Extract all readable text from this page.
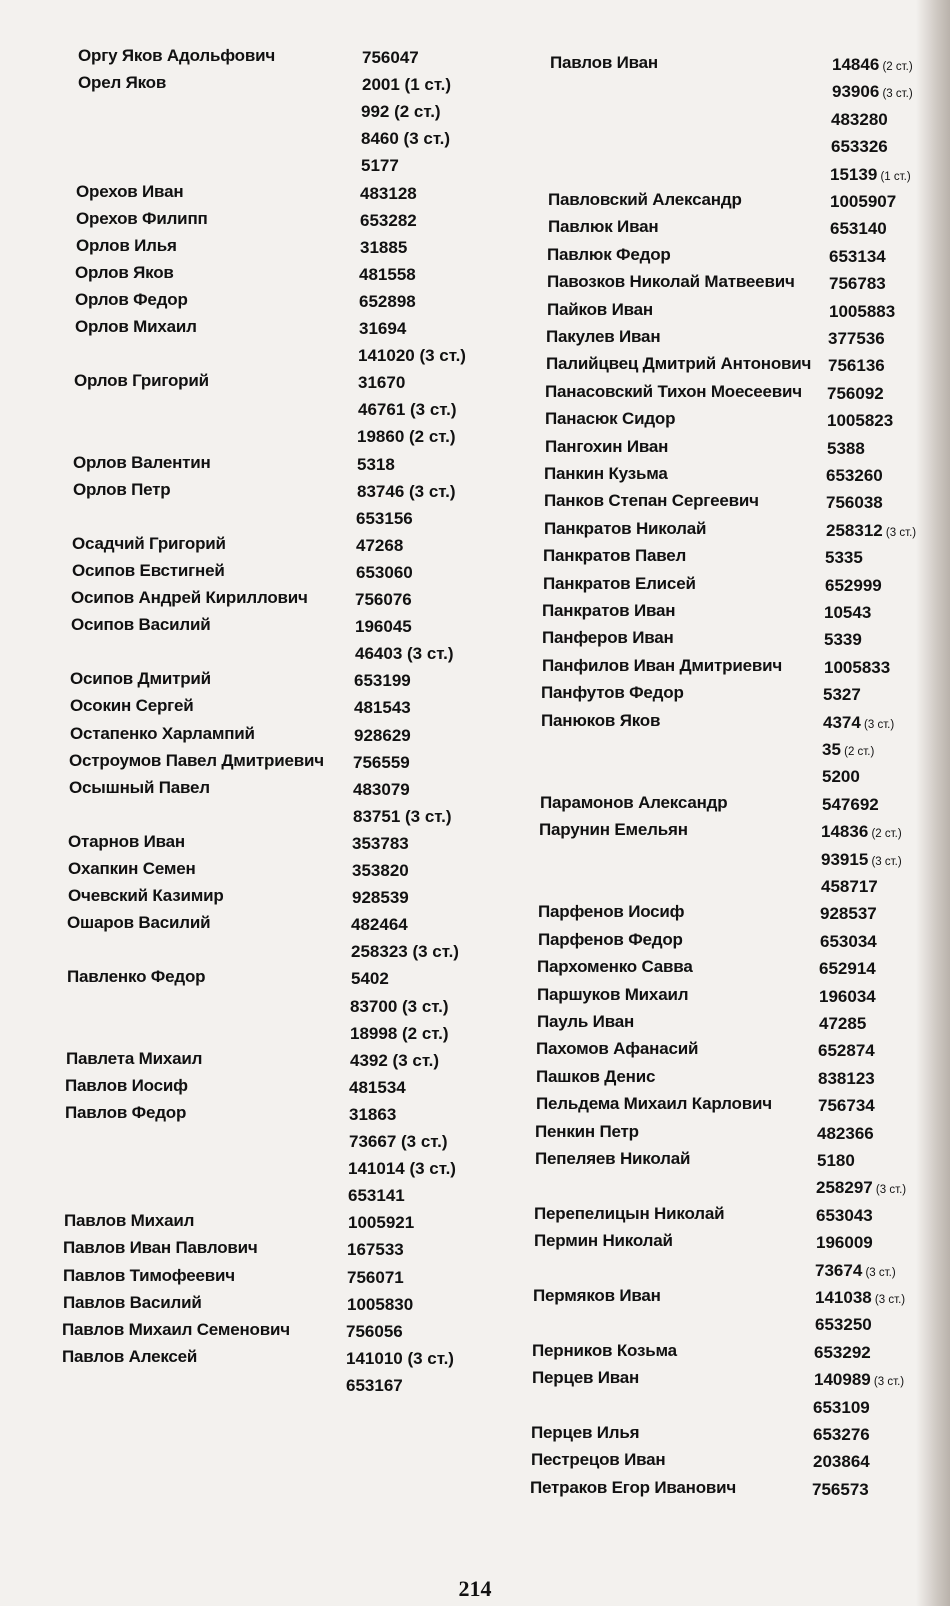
Оргу Яков Адольфович	756047
Орел Яков	2001 (1 ст.)
992 (2 ст.)
8460 (3 ст.)
5177
Орехов Иван	483128
Орехов Филипп	653282
Орлов Илья	31885
Орлов Яков	481558
Орлов Федор	652898
Орлов Михаил	31694
141020 (3 ст.)
Орлов Григорий	31670
46761 (3 ст.)
19860 (2 ст.)
Орлов Валентин	5318
Орлов Петр	83746 (3 ст.)
653156
Осадчий Григорий	47268
Осипов Евстигней	653060
Осипов Андрей Кириллович	756076
Осипов Василий	196045
46403 (3 ст.)
Осипов Дмитрий	653199
Осокин Сергей	481543
Остапенко Харлампий	928629
Остроумов Павел Дмитриевич 756559
Осышный Павел	483079
83751 (3 ст.)
Отарнов Иван	353783
Охапкин Семен	353820
Очевский Казимир	928539
Ошаров Василий	482464
258323 (3 ст.)
Павленко Федор	5402
83700 (3 ст.)
18998 (2 ст.)
Павлета Михаил	4392 (3 ст.)
Павлов Иосиф	481534
Павлов Федор	31863
73667 (3 ст.)
141014 (3 ст.)
653141
Павлов Михаил	1005921
Павлов Иван Павлович	167533
Павлов Тимофеевич	756071
Павлов Василий	1005830
Павлов Михаил Семенович	756056
Павлов Алексей	141010 (3 ст.)
653167
Павлов Иван	14846 (2 ст.)
93906 (3 ст.)
483280
653326
15139 (1 ст.)
Павловский Александр	1005907
Павлюк Иван	653140
Павлюк Федор	653134
Павозков Николай Матвеевич 756783
Пайков Иван	1005883
Пакулев Иван	377536
Палийцвец Дмитрий Антонович 756136
Панасовский Тихон Моесеевич 756092
Панасюк Сидор	1005823
Пангохин Иван	5388
Панкин Кузьма	653260
Панков Степан Сергеевич	756038
Панкратов Николай	258312 (3 ст.)
Панкратов Павел	5335
Панкратов Елисей	652999
Панкратов Иван	10543
Панферов Иван	5339
Панфилов Иван Дмитриевич 1005833
Панфутов Федор	5327
Панюков Яков	4374 (3 ст.)
35 (2 ст.)
5200
Парамонов Александр	547692
Парунин Емельян	14836 (2 ст.)
93915 (3 ст.)
458717
Парфенов Иосиф	928537
Парфенов Федор	653034
Пархоменко Савва	652914
Паршуков Михаил	196034
Пауль Иван	47285
Пахомов Афанасий	652874
Пашков Денис	838123
Пельдема Михаил Карлович	756734
Пенкин Петр	482366
Пепеляев Николай	5180
258297 (3 ст.)
Перепелицын Николай	653043
Пермин Николай	196009
73674 (3 ст.)
Пермяков Иван	141038 (3 ст.)
653250
Перников Козьма	653292
Перцев Иван	140989 (3 ст.)
653109
Перцев Илья	653276
Пестрецов Иван	203864
Петраков Егор Иванович	756573
214
